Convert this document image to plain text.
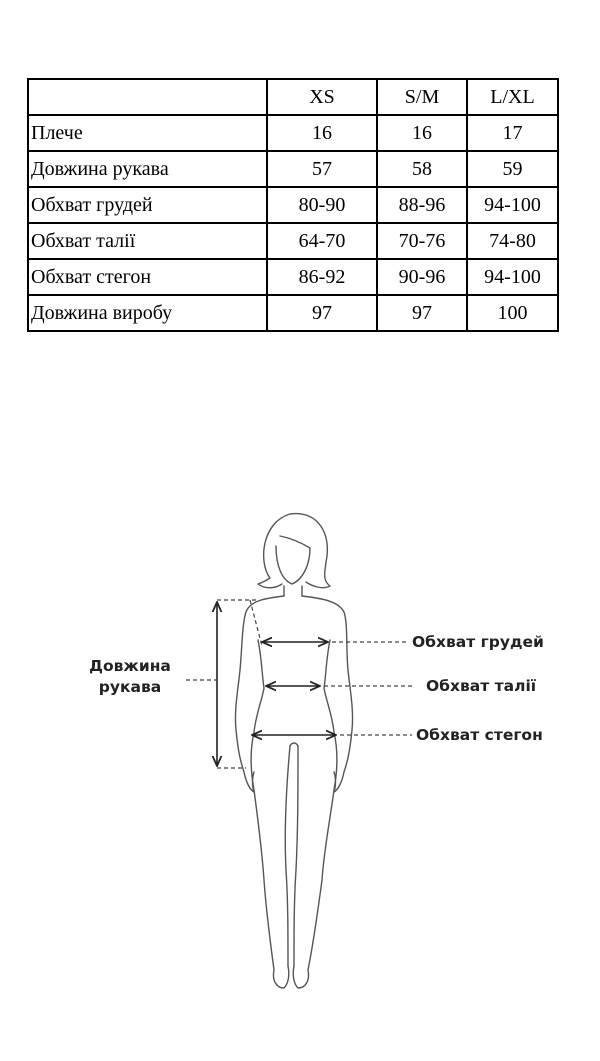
	XS	S/M	L/XL
Плече	16	16	17
Довжина рукава	57	58	59
Обхват грудей	80-90	88-96	94-100
Обхват талії	64-70	70-76	74-80
Обхват стегон	86-92	90-96	94-100
Довжина виробу	97	97	100
Довжина
рукава
Обхват грудей
Обхват талії
Обхват стегон
